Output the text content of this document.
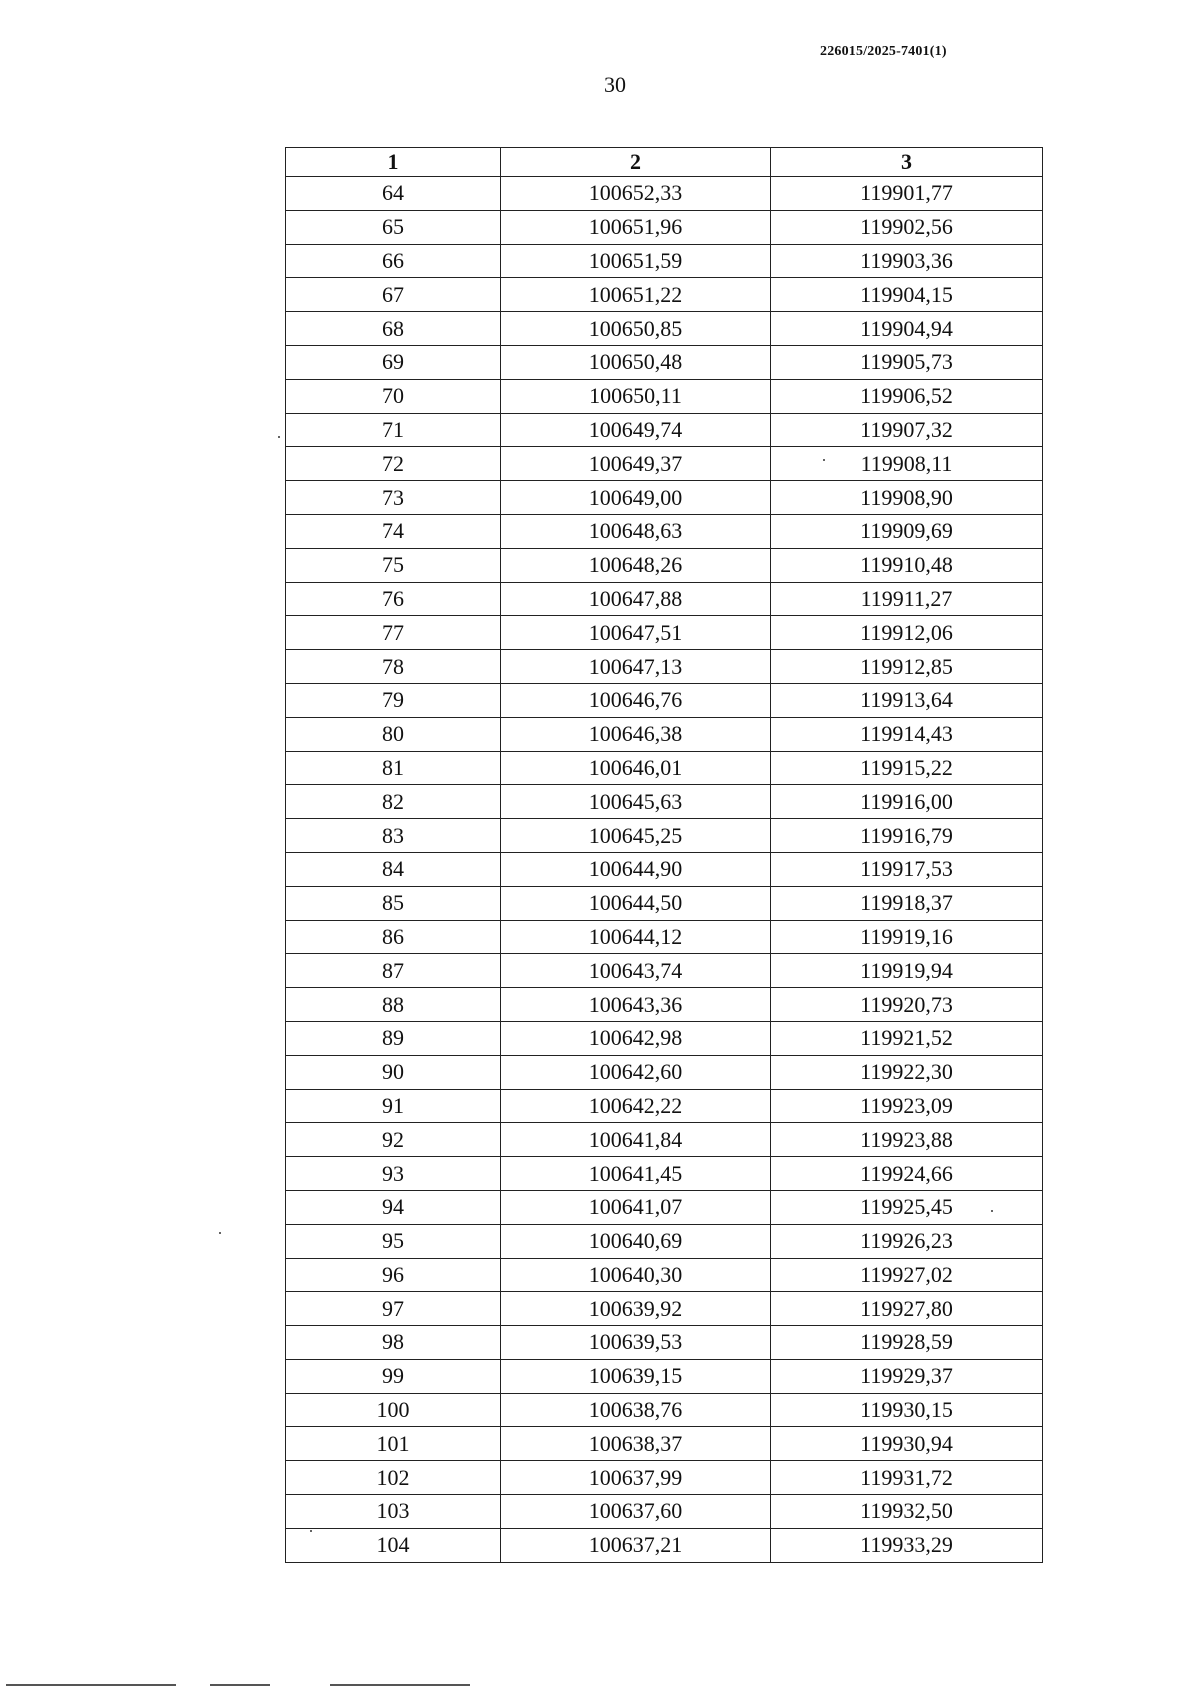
226015/2025-7401(1)
30
1	2	3
64	100652,33	119901,77
65	100651,96	119902,56
66	100651,59	119903,36
67	100651,22	119904,15
68	100650,85	119904,94
69	100650,48	119905,73
70	100650,11	119906,52
71	100649,74	119907,32
72	100649,37	119908,11
73	100649,00	119908,90
74	100648,63	119909,69
75	100648,26	119910,48
76	100647,88	119911,27
77	100647,51	119912,06
78	100647,13	119912,85
79	100646,76	119913,64
80	100646,38	119914,43
81	100646,01	119915,22
82	100645,63	119916,00
83	100645,25	119916,79
84	100644,90	119917,53
85	100644,50	119918,37
86	100644,12	119919,16
87	100643,74	119919,94
88	100643,36	119920,73
89	100642,98	119921,52
90	100642,60	119922,30
91	100642,22	119923,09
92	100641,84	119923,88
93	100641,45	119924,66
94	100641,07	119925,45
95	100640,69	119926,23
96	100640,30	119927,02
97	100639,92	119927,80
98	100639,53	119928,59
99	100639,15	119929,37
100	100638,76	119930,15
101	100638,37	119930,94
102	100637,99	119931,72
103	100637,60	119932,50
104	100637,21	119933,29
